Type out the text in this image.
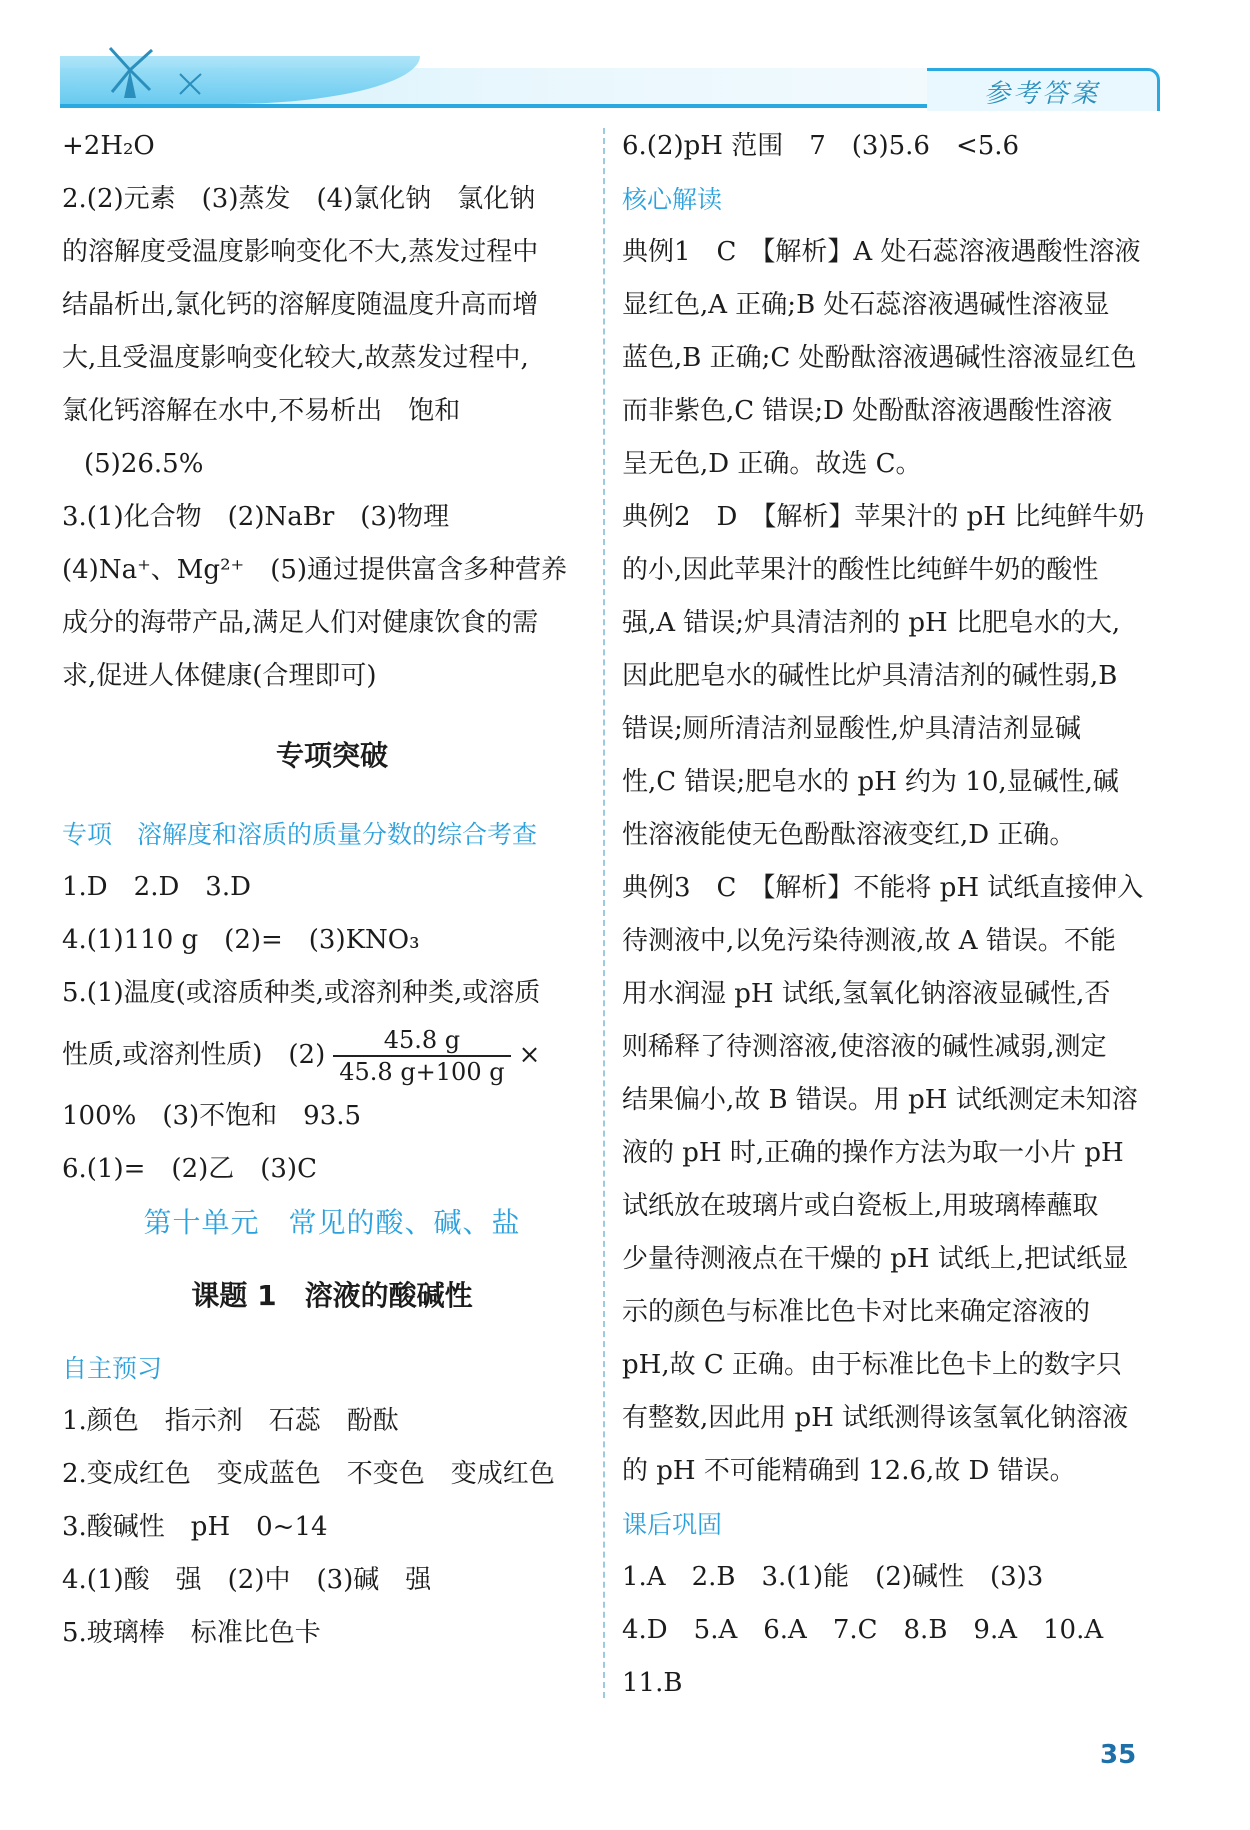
参考答案
+2H₂O
2.(2)元素　(3)蒸发　(4)氯化钠　氯化钠
的溶解度受温度影响变化不大,蒸发过程中
结晶析出,氯化钙的溶解度随温度升高而增
大,且受温度影响变化较大,故蒸发过程中,
氯化钙溶解在水中,不易析出　饱和
(5)26.5%
3.(1)化合物　(2)NaBr　(3)物理
(4)Na⁺、Mg²⁺　(5)通过提供富含多种营养
成分的海带产品,满足人们对健康饮食的需
求,促进人体健康(合理即可)
专项突破
专项　溶解度和溶质的质量分数的综合考查
1.D　2.D　3.D
4.(1)110 g　(2)=　(3)KNO₃
5.(1)温度(或溶质种类,或溶剂种类,或溶质
性质,或溶剂性质)　$(2) \frac{45.8 g}{45.8 g+100 g}$ ×
100%　(3)不饱和　93.5
6.(1)=　(2)乙　(3)C
第十单元　常见的酸、碱、盐
课题 1　溶液的酸碱性
自主预习
1.颜色　指示剂　石蕊　酚酞
2.变成红色　变成蓝色　不变色　变成红色
3.酸碱性　pH　0~14
4.(1)酸　强　(2)中　(3)碱　强
5.玻璃棒　标准比色卡
6.(2)pH 范围　7　(3)5.6　<5.6
核心解读
典例1　C　【解析】A 处石蕊溶液遇酸性溶液
显红色,A 正确;B 处石蕊溶液遇碱性溶液显
蓝色,B 正确;C 处酚酞溶液遇碱性溶液显红色
而非紫色,C 错误;D 处酚酞溶液遇酸性溶液
呈无色,D 正确。故选 C。
典例2　D　【解析】苹果汁的 pH 比纯鲜牛奶
的小,因此苹果汁的酸性比纯鲜牛奶的酸性
强,A 错误;炉具清洁剂的 pH 比肥皂水的大,
因此肥皂水的碱性比炉具清洁剂的碱性弱,B
错误;厕所清洁剂显酸性,炉具清洁剂显碱
性,C 错误;肥皂水的 pH 约为 10,显碱性,碱
性溶液能使无色酚酞溶液变红,D 正确。
典例3　C　【解析】不能将 pH 试纸直接伸入
待测液中,以免污染待测液,故 A 错误。不能
用水润湿 pH 试纸,氢氧化钠溶液显碱性,否
则稀释了待测溶液,使溶液的碱性减弱,测定
结果偏小,故 B 错误。用 pH 试纸测定未知溶
液的 pH 时,正确的操作方法为取一小片 pH
试纸放在玻璃片或白瓷板上,用玻璃棒蘸取
少量待测液点在干燥的 pH 试纸上,把试纸显
示的颜色与标准比色卡对比来确定溶液的
pH,故 C 正确。由于标准比色卡上的数字只
有整数,因此用 pH 试纸测得该氢氧化钠溶液
的 pH 不可能精确到 12.6,故 D 错误。
课后巩固
1.A　2.B　3.(1)能　(2)碱性　(3)3
4.D　5.A　6.A　7.C　8.B　9.A　10.A
11.B
35
